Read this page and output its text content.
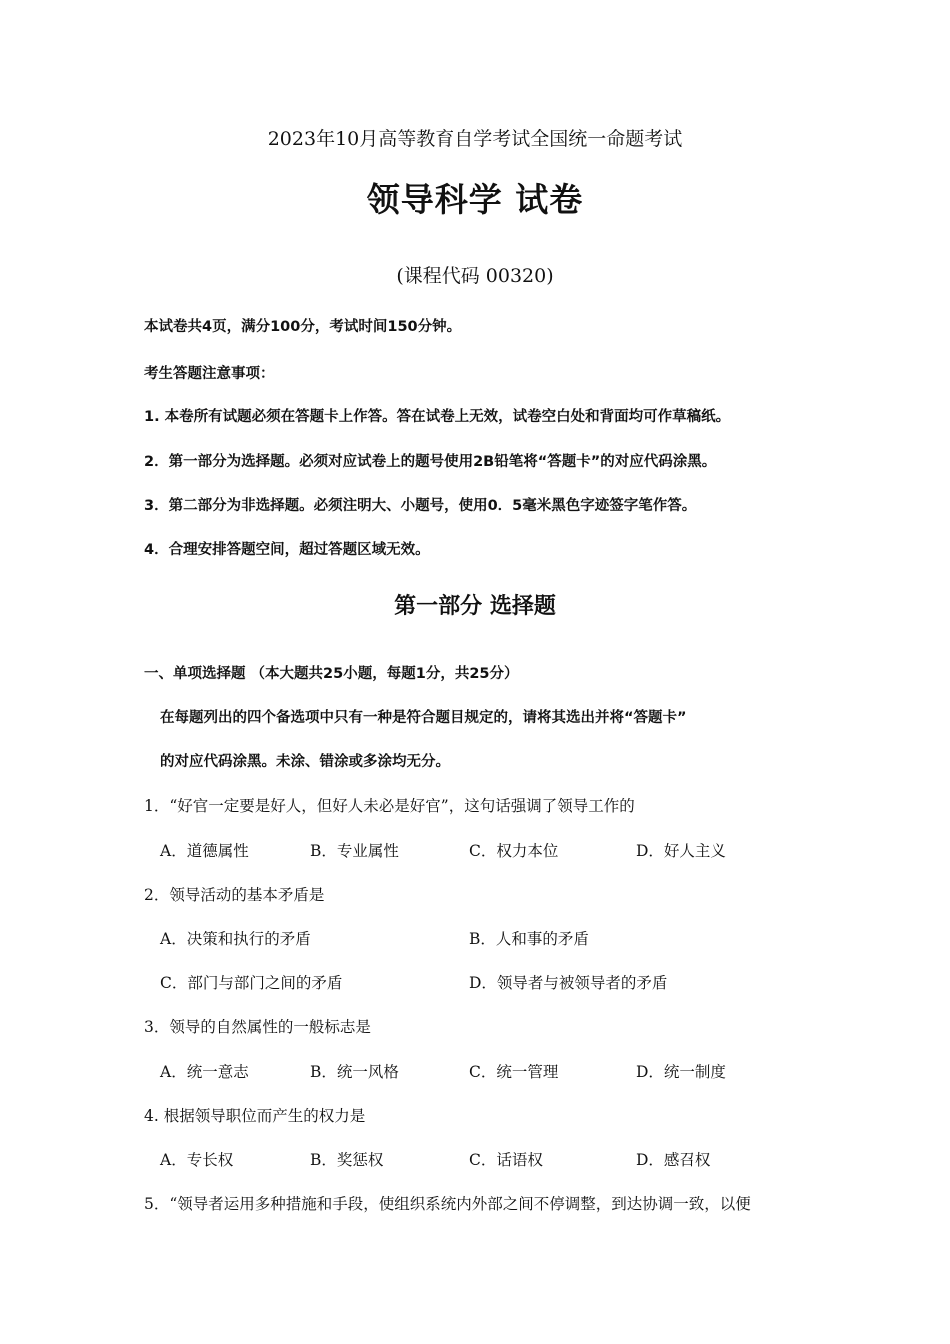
2023年10月高等教育自学考试全国统一命题考试
领导科学 试卷
(课程代码 00320)
本试卷共4页，满分100分，考试时间150分钟。
考生答题注意事项：
1. 本卷所有试题必须在答题卡上作答。答在试卷上无效，试卷空白处和背面均可作草稿纸。
2．第一部分为选择题。必须对应试卷上的题号使用2B铅笔将“答题卡”的对应代码涂黑。
3．第二部分为非选择题。必须注明大、小题号，使用0．5毫米黑色字迹签字笔作答。
4．合理安排答题空间，超过答题区域无效。
第一部分 选择题
一、单项选择题 （本大题共25小题，每题1分，共25分）
在每题列出的四个备选项中只有一种是符合题目规定的，请将其选出并将“答题卡”
的对应代码涂黑。未涂、错涂或多涂均无分。
1．“好官一定要是好人，但好人未必是好官”，这句话强调了领导工作的
A．道德属性	B．专业属性	C．权力本位	D．好人主义
2．领导活动的基本矛盾是
A．决策和执行的矛盾	B．人和事的矛盾
C．部门与部门之间的矛盾	D．领导者与被领导者的矛盾
3．领导的自然属性的一般标志是
A．统一意志	B．统一风格	C．统一管理	D．统一制度
4. 根据领导职位而产生的权力是
A．专长权	B．奖惩权	C．话语权	D．感召权
5．“领导者运用多种措施和手段，使组织系统内外部之间不停调整，到达协调一致，以便
